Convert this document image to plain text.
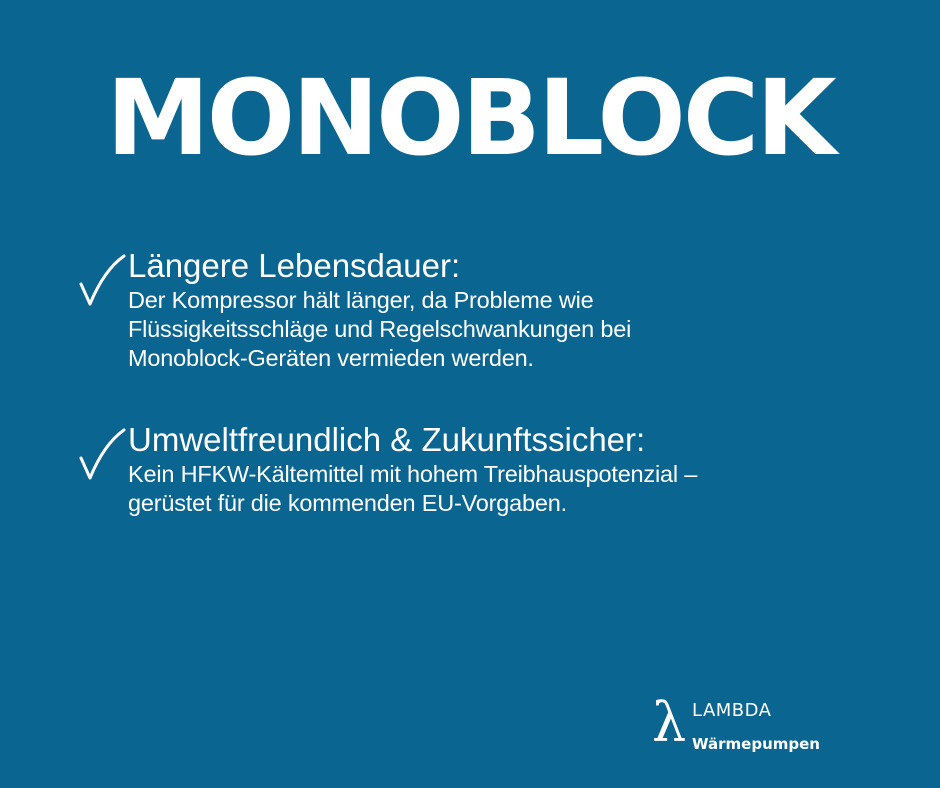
MONOBLOCK

Längere Lebensdauer:

Der Kompressor hält länger, da Probleme wie
Flüssigkeitsschläge und Regelschwankungen bei
Monoblock-Geräten vermieden werden.

Umweltfreundlich & Zukunftssicher:

Kein HFKW-Kältemittel mit hohem Treibhauspotenzial –
gerüstet für die kommenden EU-Vorgaben.

λ LAMBDA
Wärmepumpen
